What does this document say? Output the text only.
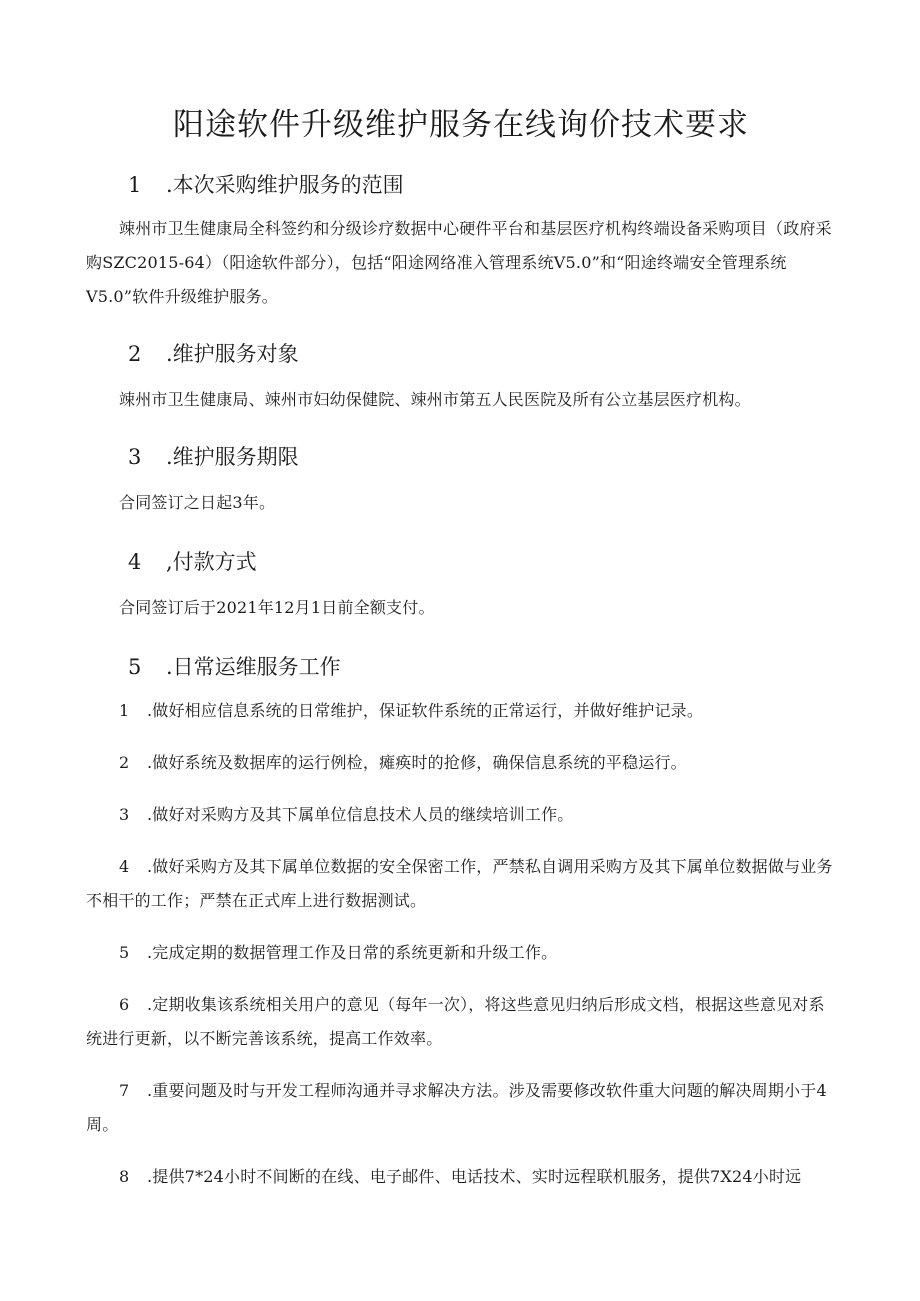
阳途软件升级维护服务在线询价技术要求
1 .本次采购维护服务的范围

竦州市卫生健康局全科签约和分级诊疗数据中心硬件平台和基层医疗机构终端设备采购项目（政府采购SZC2015-64）（阳途软件部分），包括“阳途网络准入管理系统V5.0”和“阳途终端安全管理系统V5.0”软件升级维护服务。

2 .维护服务对象

竦州市卫生健康局、竦州市妇幼保健院、竦州市第五人民医院及所有公立基层医疗机构。

3 .维护服务期限

合同签订之日起3年。

4 ,付款方式

合同签订后于2021年12月1日前全额支付。

5 .日常运维服务工作

1 .做好相应信息系统的日常维护，保证软件系统的正常运行，并做好维护记录。

2 .做好系统及数据库的运行例检，瘫痪时的抢修，确保信息系统的平稳运行。

3 .做好对采购方及其下属单位信息技术人员的继续培训工作。

4 .做好采购方及其下属单位数据的安全保密工作，严禁私自调用采购方及其下属单位数据做与业务不相干的工作；严禁在正式库上进行数据测试。

5 .完成定期的数据管理工作及日常的系统更新和升级工作。

6 .定期收集该系统相关用户的意见（每年一次），将这些意见归纳后形成文档，根据这些意见对系统进行更新，以不断完善该系统，提高工作效率。

7 .重要问题及时与开发工程师沟通并寻求解决方法。涉及需要修改软件重大问题的解决周期小于4周。

8 .提供7*24小时不间断的在线、电子邮件、电话技术、实时远程联机服务，提供7X24小时远
